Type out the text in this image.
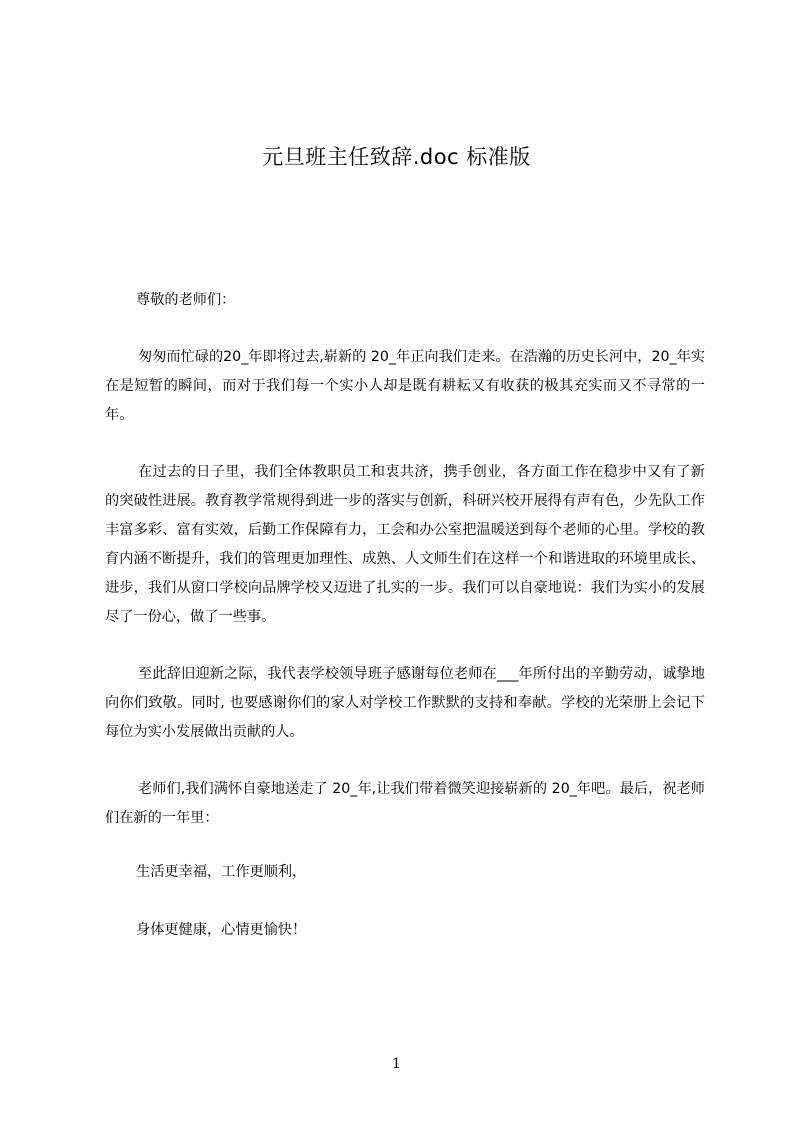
元旦班主任致辞.doc 标准版

尊敬的老师们：

匆匆而忙碌的20_年即将过去,崭新的 20_年正向我们走来。在浩瀚的历史长河中，20_年实在是短暂的瞬间，而对于我们每一个实小人却是既有耕耘又有收获的极其充实而又不寻常的一年。

在过去的日子里，我们全体教职员工和衷共济，携手创业，各方面工作在稳步中又有了新的突破性进展。教育教学常规得到进一步的落实与创新，科研兴校开展得有声有色，少先队工作丰富多彩、富有实效，后勤工作保障有力，工会和办公室把温暖送到每个老师的心里。学校的教育内涵不断提升，我们的管理更加理性、成熟、人文师生们在这样一个和谐进取的环境里成长、进步，我们从窗口学校向品牌学校又迈进了扎实的一步。我们可以自豪地说：我们为实小的发展尽了一份心，做了一些事。

至此辞旧迎新之际，我代表学校领导班子感谢每位老师在___年所付出的辛勤劳动，诚挚地向你们致敬。同时, 也要感谢你们的家人对学校工作默默的支持和奉献。学校的光荣册上会记下每位为实小发展做出贡献的人。

老师们,我们满怀自豪地送走了 20_年,让我们带着微笑迎接崭新的 20_年吧。最后，祝老师们在新的一年里：

生活更幸福，工作更顺利，

身体更健康，心情更愉快！

1
